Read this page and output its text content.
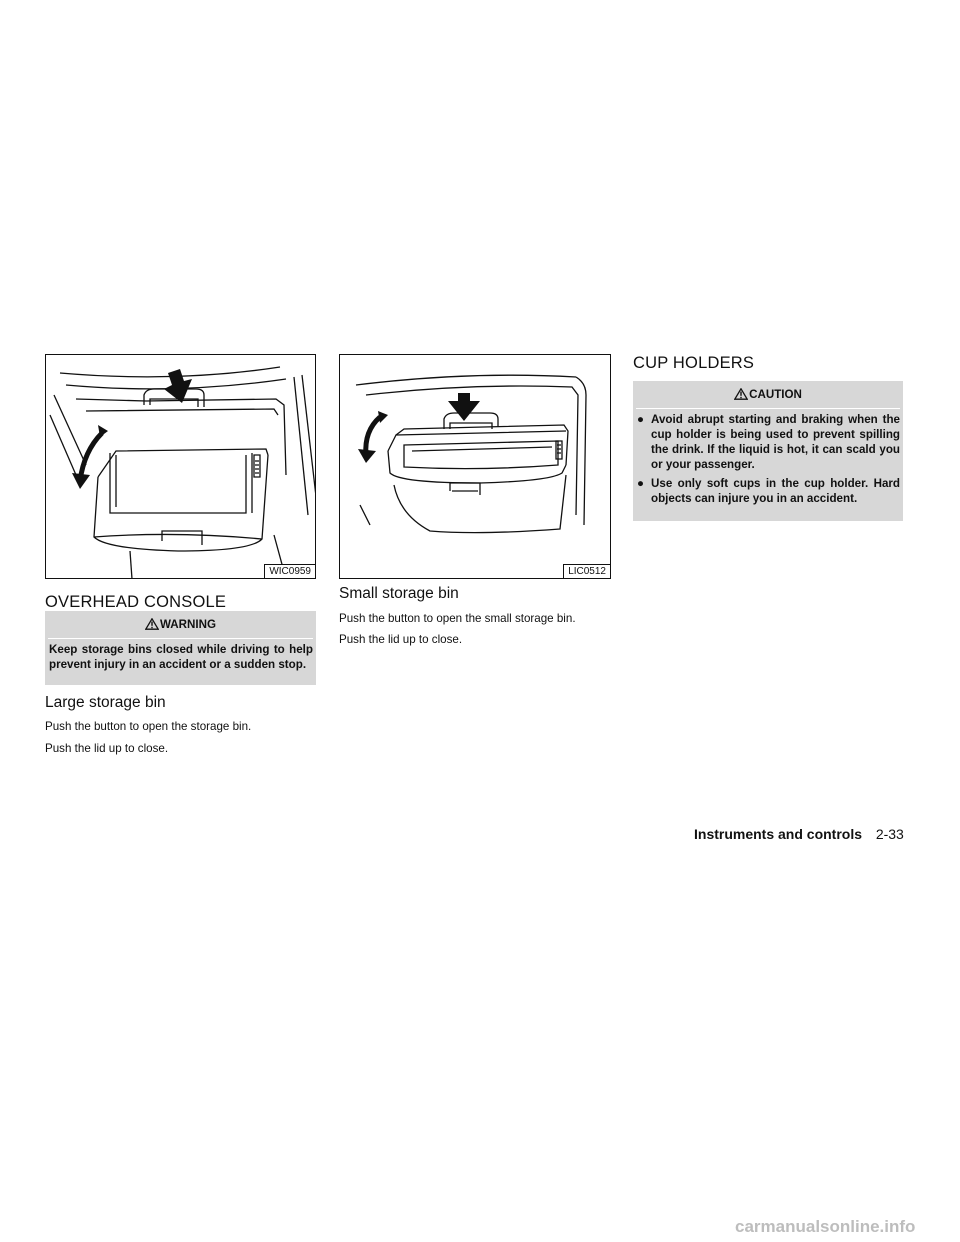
WIC0959	LIC0512
OVERHEAD CONSOLE
WARNING
Keep storage bins closed while driving to help prevent injury in an accident or a sudden stop.
Large storage bin
Push the button to open the storage bin.
Push the lid up to close.
Small storage bin
Push the button to open the small storage bin.
Push the lid up to close.
CUP HOLDERS
CAUTION
● Avoid abrupt starting and braking when the cup holder is being used to prevent spilling the drink. If the liquid is hot, it can scald you or your passenger.
● Use only soft cups in the cup holder. Hard objects can injure you in an accident.
Instruments and controls 2-33
carmanualsonline.info
